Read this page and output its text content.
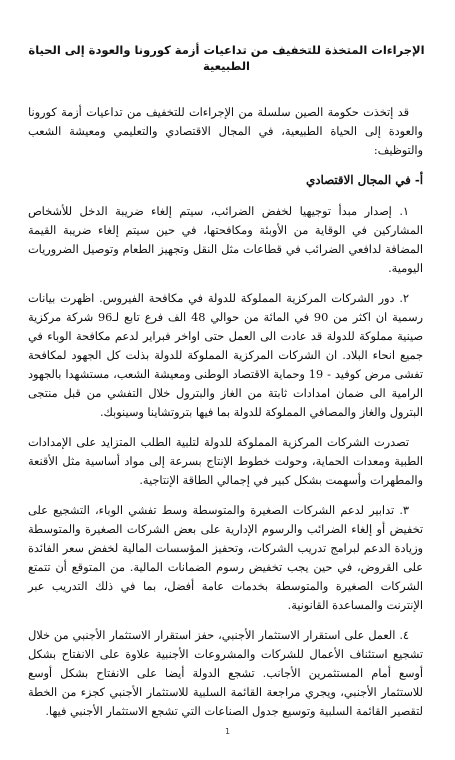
الإجراءات المتخذة للتخفيف من تداعيات أزمة كورونا والعودة إلى الحياة الطبيعية

قد إتخذت حكومة الصين سلسلة من الإجراءات للتخفيف من تداعيات أزمة كورونا والعودة إلى الحياة الطبيعية، في المجال الاقتصادي والتعليمي ومعيشة الشعب والتوظيف:

أ- في المجال الاقتصادي

١. إصدار مبدأ توجيهيا لخفض الضرائب، سيتم إلغاء ضريبة الدخل للأشخاص المشاركين في الوقاية من الأوبئة ومكافحتها، في حين سيتم إلغاء ضريبة القيمة المضافة لدافعي الضرائب في قطاعات مثل النقل وتجهيز الطعام وتوصيل الضروريات اليومية.

٢. دور الشركات المركزية المملوكة للدولة في مكافحة الفيروس. اظهرت بيانات رسمية ان اكثر من 90 في المائة من حوالي 48 الف فرع تابع لـ96 شركة مركزية صينية مملوكة للدولة قد عادت الى العمل حتى اواخر فبراير لدعم مكافحة الوباء في جميع انحاء البلاد. ان الشركات المركزية المملوكة للدولة بذلت كل الجهود لمكافحة تفشى مرض كوفيد - 19 وحماية الاقتصاد الوطنى ومعيشة الشعب، مستشهدا بالجهود الرامية الى ضمان امدادات ثابتة من الغاز والبترول خلال التفشي من قبل منتجى البترول والغاز والمصافي المملوكة للدولة بما فيها بتروتشاينا وسينوبك.

تصدرت الشركات المركزية المملوكة للدولة لتلبية الطلب المتزايد على الإمدادات الطبية ومعدات الحماية، وحولت خطوط الإنتاج بسرعة إلى مواد أساسية مثل الأقنعة والمطهرات وأسهمت بشكل كبير في إجمالي الطاقة الإنتاجية.

٣. تدابير لدعم الشركات الصغيرة والمتوسطة وسط تفشي الوباء، التشجيع على تخفيض أو إلغاء الضرائب والرسوم الإدارية على بعض الشركات الصغيرة والمتوسطة وزيادة الدعم لبرامج تدريب الشركات، وتحفيز المؤسسات المالية لخفض سعر الفائدة على القروض، في حين يجب تخفيض رسوم الضمانات المالية. من المتوقع أن تتمتع الشركات الصغيرة والمتوسطة بخدمات عامة أفضل، بما في ذلك التدريب عبر الإنترنت والمساعدة القانونية.

٤. العمل على استقرار الاستثمار الأجنبي، حفز استقرار الاستثمار الأجنبي من خلال تشجيع استئناف الأعمال للشركات والمشروعات الأجنبية علاوة على الانفتاح بشكل أوسع أمام المستثمرين الأجانب. تشجع الدولة أيضا على الانفتاح بشكل أوسع للاستثمار الأجنبي، ويجري مراجعة القائمة السلبية للاستثمار الأجنبي كجزء من الخطة لتقصير القائمة السلبية وتوسيع جدول الصناعات التي تشجع الاستثمار الأجنبي فيها.

1
